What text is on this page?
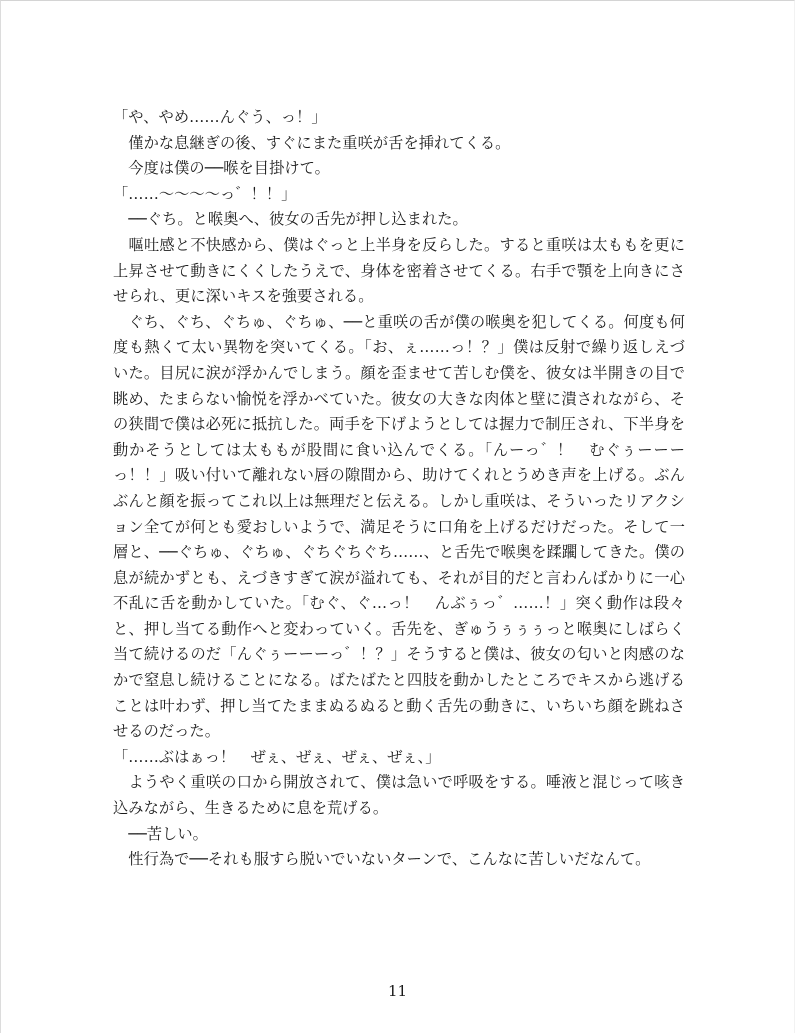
「や、やめ……んぐう、っ！」

　僅かな息継ぎの後、すぐにまた重咲が舌を挿れてくる。

　今度は僕の──喉を目掛けて。

「……〜〜〜〜っ゛！！」

　──ぐち。と喉奥へ、彼女の舌先が押し込まれた。

　嘔吐感と不快感から、僕はぐっと上半身を反らした。すると重咲は太ももを更に上昇させて動きにくくしたうえで、身体を密着させてくる。右手で顎を上向きにさせられ、更に深いキスを強要される。

　ぐち、ぐち、ぐちゅ、ぐちゅ、──と重咲の舌が僕の喉奥を犯してくる。何度も何度も熱くて太い異物を突いてくる。「お、ぇ……っ！？」僕は反射で繰り返しえづいた。目尻に涙が浮かんでしまう。顔を歪ませて苦しむ僕を、彼女は半開きの目で眺め、たまらない愉悦を浮かべていた。彼女の大きな肉体と壁に潰されながら、その狭間で僕は必死に抵抗した。両手を下げようとしては握力で制圧され、下半身を動かそうとしては太ももが股間に食い込んでくる。「んーっ゛！　むぐぅーーーっ！！」吸い付いて離れない唇の隙間から、助けてくれとうめき声を上げる。ぶんぶんと顔を振ってこれ以上は無理だと伝える。しかし重咲は、そういったリアクション全てが何とも愛おしいようで、満足そうに口角を上げるだけだった。そして一層と、──ぐちゅ、ぐちゅ、ぐちぐちぐち……、と舌先で喉奥を蹂躙してきた。僕の息が続かずとも、えづきすぎて涙が溢れても、それが目的だと言わんばかりに一心不乱に舌を動かしていた。「むぐ、ぐ…っ！　んぶぅっ゛……！」突く動作は段々と、押し当てる動作へと変わっていく。舌先を、ぎゅうぅぅぅっと喉奥にしばらく当て続けるのだ「んぐぅーーーっ゛！？」そうすると僕は、彼女の匂いと肉感のなかで窒息し続けることになる。ばたばたと四肢を動かしたところでキスから逃げることは叶わず、押し当てたままぬるぬると動く舌先の動きに、いちいち顔を跳ねさせるのだった。

「……ぶはぁっ！　ぜぇ、ぜぇ、ぜぇ、ぜぇ、」

　ようやく重咲の口から開放されて、僕は急いで呼吸をする。唾液と混じって咳き込みながら、生きるために息を荒げる。

　──苦しい。

　性行為で──それも服すら脱いでいないターンで、こんなに苦しいだなんて。

11
